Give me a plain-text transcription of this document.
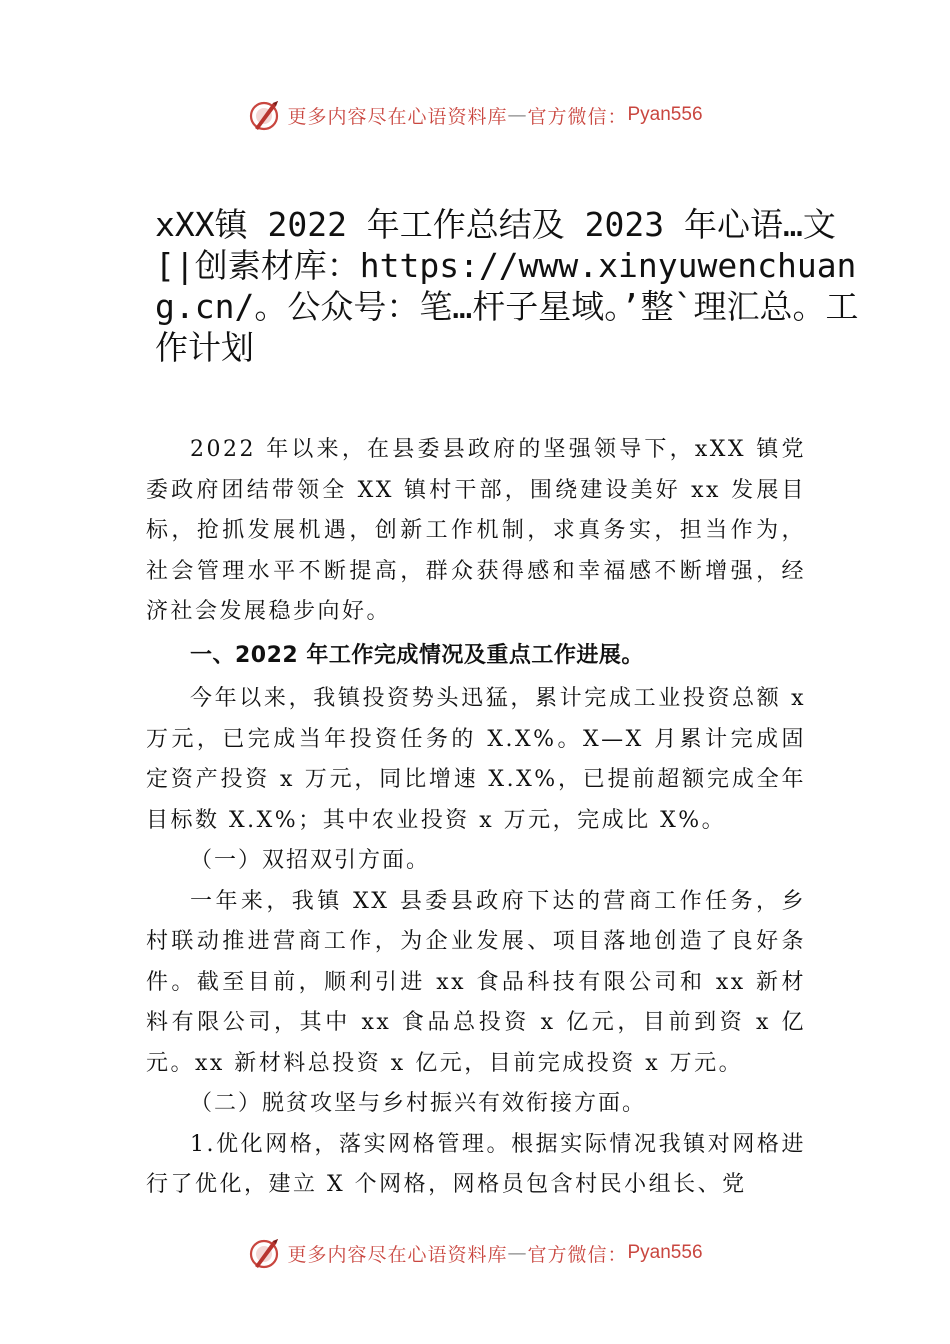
更多内容尽在心语资料库 — 官方微信： Pyan556
xXX镇 2022 年工作总结及 2023 年心语…文[|创素材库：https://www.xinyuwenchuang.cn/。公众号：笔…杆子星域。’整`理汇总。工作计划

2022 年以来，在县委县政府的坚强领导下，xXX 镇党委政府团结带领全 XX 镇村干部，围绕建设美好 xx 发展目标，抢抓发展机遇，创新工作机制，求真务实，担当作为，社会管理水平不断提高，群众获得感和幸福感不断增强，经济社会发展稳步向好。

一、2022 年工作完成情况及重点工作进展。

今年以来，我镇投资势头迅猛，累计完成工业投资总额 x 万元，已完成当年投资任务的 X.X%。X—X 月累计完成固定资产投资 x 万元，同比增速 X.X%，已提前超额完成全年目标数 X.X%；其中农业投资 x 万元，完成比 X%。

（一）双招双引方面。

一年来，我镇 XX 县委县政府下达的营商工作任务，乡村联动推进营商工作，为企业发展、项目落地创造了良好条件。截至目前，顺利引进 xx 食品科技有限公司和 xx 新材料有限公司，其中 xx 食品总投资 x 亿元，目前到资 x 亿元。xx 新材料总投资 x 亿元，目前完成投资 x 万元。

（二）脱贫攻坚与乡村振兴有效衔接方面。

1.优化网格，落实网格管理。根据实际情况我镇对网格进行了优化，建立 X 个网格，网格员包含村民小组长、党

更多内容尽在心语资料库 — 官方微信： Pyan556
